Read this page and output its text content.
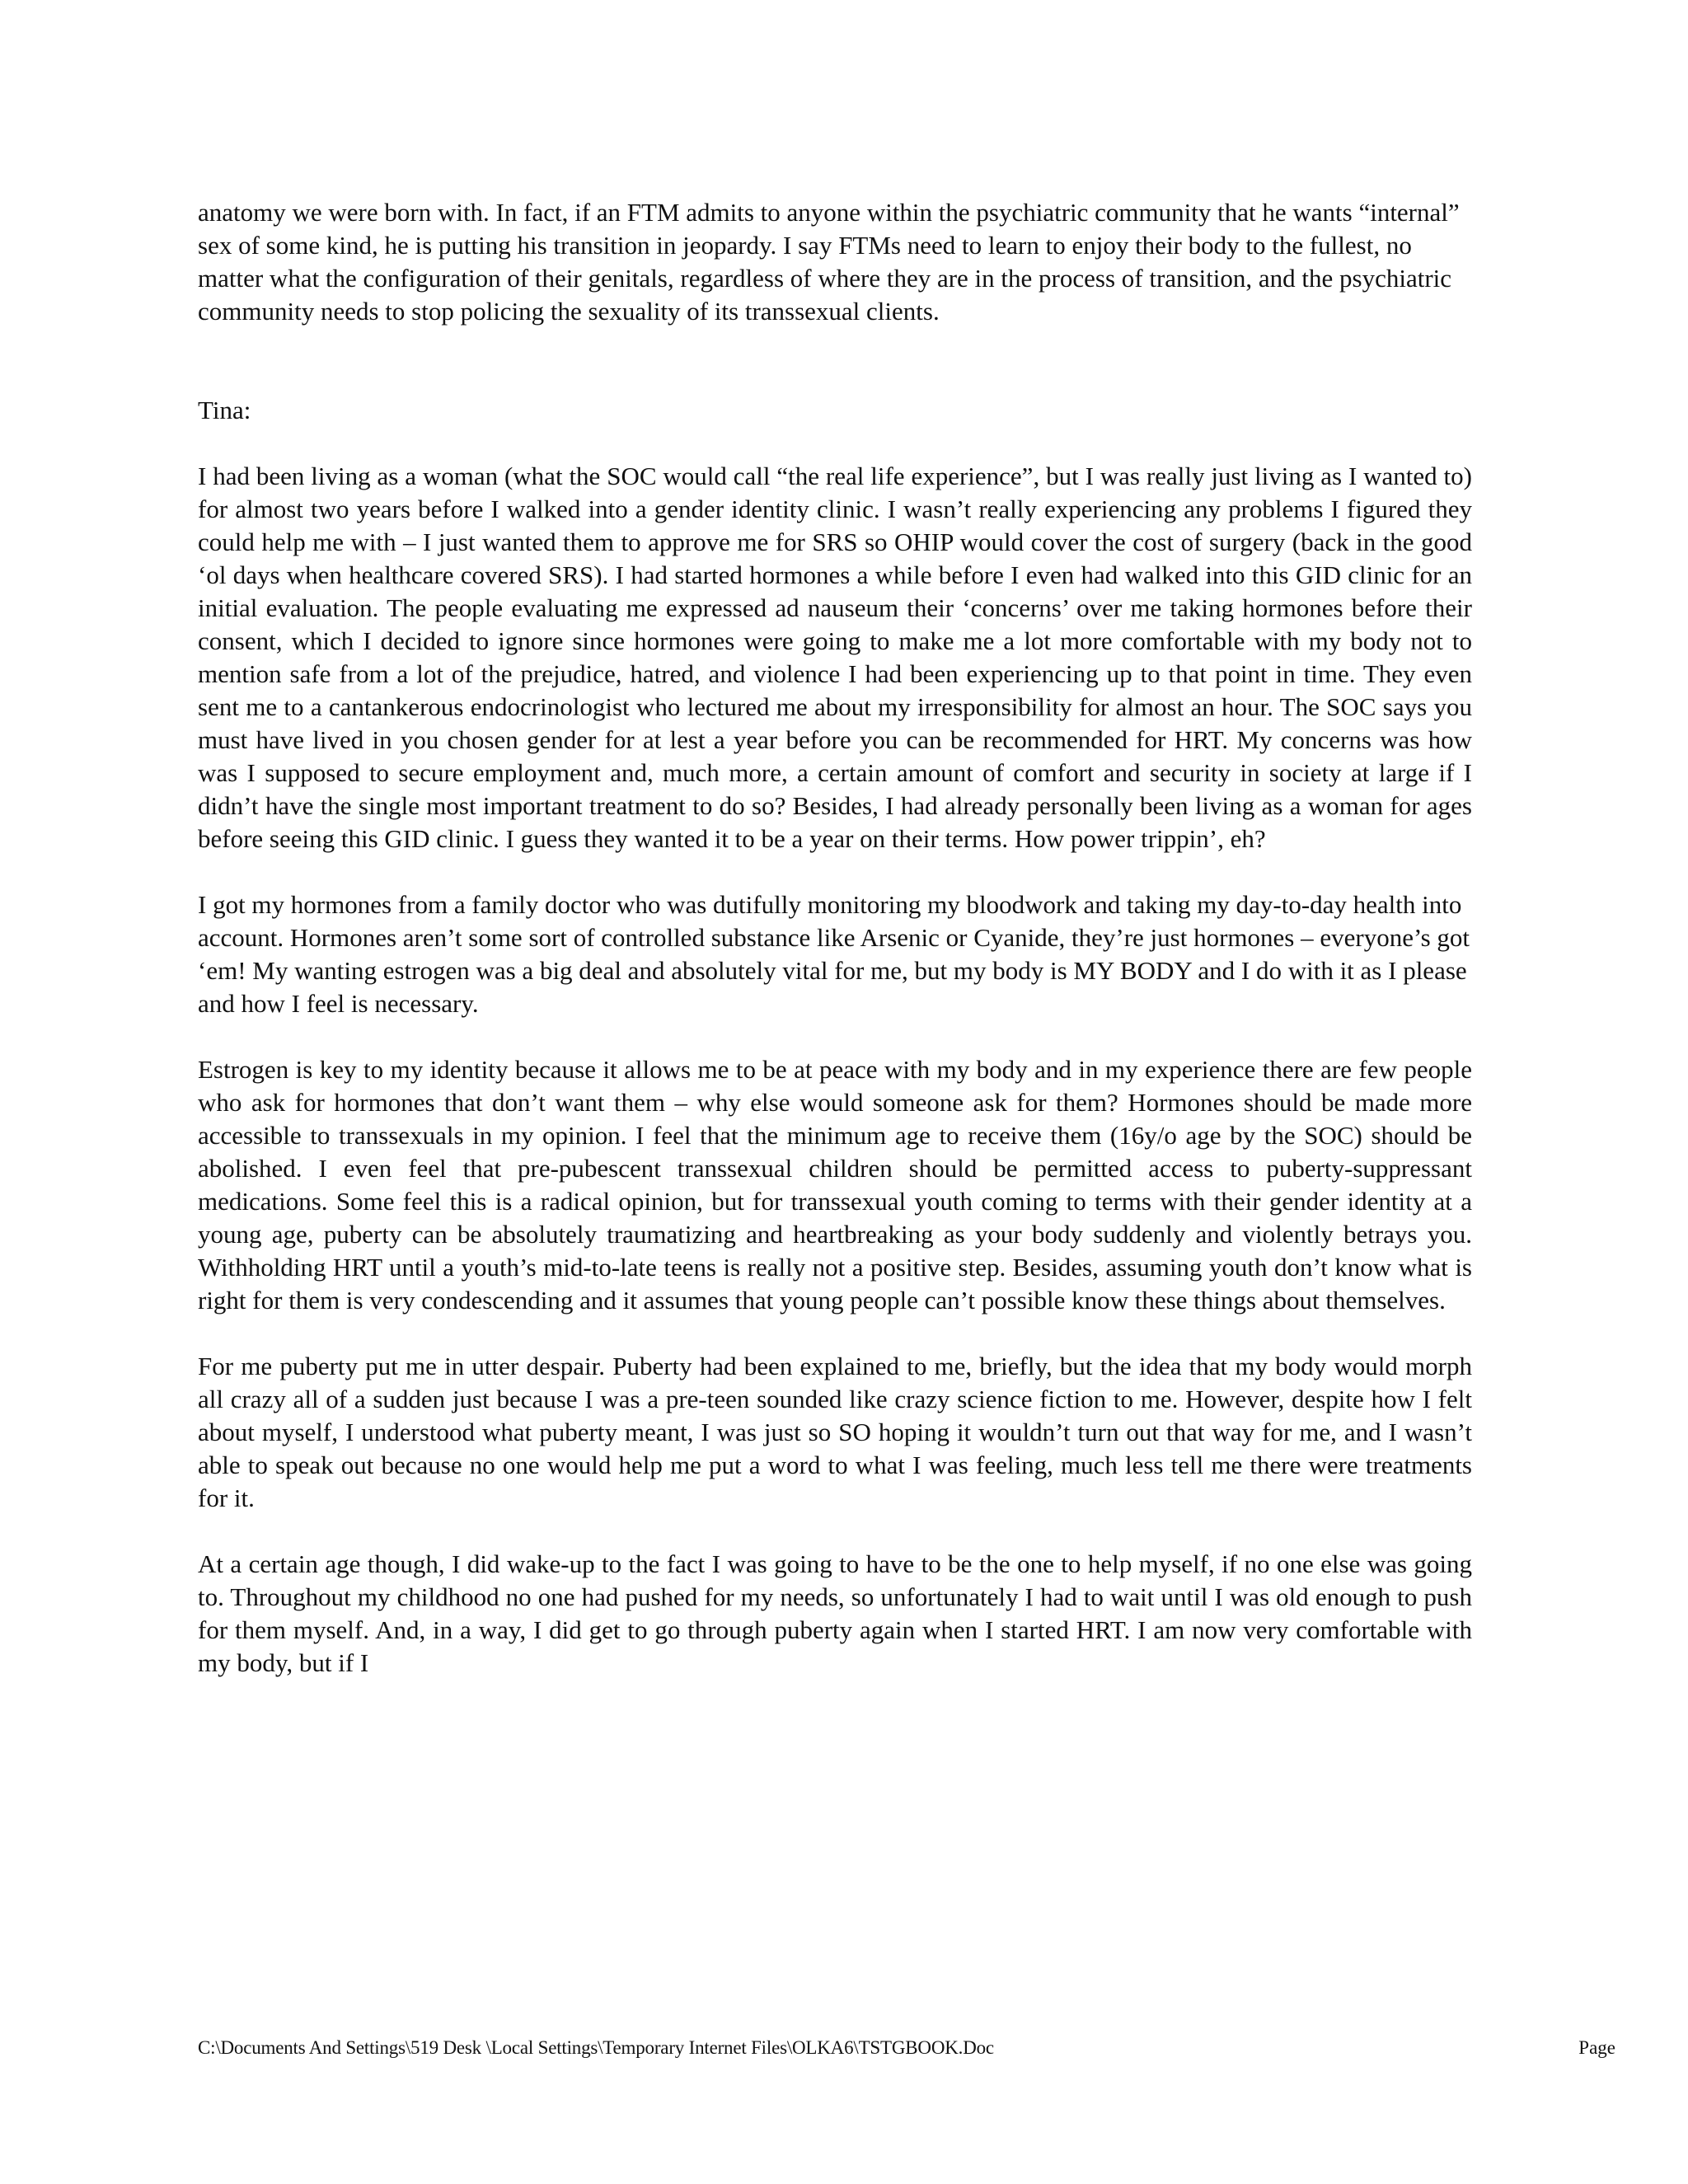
anatomy we were born with. In fact, if an FTM admits to anyone within the psychiatric community that he wants “internal” sex of some kind, he is putting his transition in jeopardy. I say FTMs need to learn to enjoy their body to the fullest, no matter what the configuration of their genitals, regardless of where they are in the process of transition, and the psychiatric community needs to stop policing the sexuality of its transsexual clients.

Tina:

I had been living as a woman (what the SOC would call “the real life experience”, but I was really just living as I wanted to) for almost two years before I walked into a gender identity clinic. I wasn’t really experiencing any problems I figured they could help me with – I just wanted them to approve me for SRS so OHIP would cover the cost of surgery (back in the good ‘ol days when healthcare covered SRS). I had started hormones a while before I even had walked into this GID clinic for an initial evaluation. The people evaluating me expressed ad nauseum their ‘concerns’ over me taking hormones before their consent, which I decided to ignore since hormones were going to make me a lot more comfortable with my body not to mention safe from a lot of the prejudice, hatred, and violence I had been experiencing up to that point in time. They even sent me to a cantankerous endocrinologist who lectured me about my irresponsibility for almost an hour. The SOC says you must have lived in you chosen gender for at lest a year before you can be recommended for HRT. My concerns was how was I supposed to secure employment and, much more, a certain amount of comfort and security in society at large if I didn’t have the single most important treatment to do so? Besides, I had already personally been living as a woman for ages before seeing this GID clinic. I guess they wanted it to be a year on their terms. How power trippin’, eh?

I got my hormones from a family doctor who was dutifully monitoring my bloodwork and taking my day-to-day health into account. Hormones aren’t some sort of controlled substance like Arsenic or Cyanide, they’re just hormones – everyone’s got ‘em! My wanting estrogen was a big deal and absolutely vital for me, but my body is MY BODY and I do with it as I please and how I feel is necessary.

Estrogen is key to my identity because it allows me to be at peace with my body and in my experience there are few people who ask for hormones that don’t want them – why else would someone ask for them? Hormones should be made more accessible to transsexuals in my opinion. I feel that the minimum age to receive them (16y/o age by the SOC) should be abolished. I even feel that pre-pubescent transsexual children should be permitted access to puberty-suppressant medications. Some feel this is a radical opinion, but for transsexual youth coming to terms with their gender identity at a young age, puberty can be absolutely traumatizing and heartbreaking as your body suddenly and violently betrays you. Withholding HRT until a youth’s mid-to-late teens is really not a positive step. Besides, assuming youth don’t know what is right for them is very condescending and it assumes that young people can’t possible know these things about themselves.

For me puberty put me in utter despair. Puberty had been explained to me, briefly, but the idea that my body would morph all crazy all of a sudden just because I was a pre-teen sounded like crazy science fiction to me. However, despite how I felt about myself, I understood what puberty meant, I was just so SO hoping it wouldn’t turn out that way for me, and I wasn’t able to speak out because no one would help me put a word to what I was feeling, much less tell me there were treatments for it.

At a certain age though, I did wake-up to the fact I was going to have to be the one to help myself, if no one else was going to. Throughout my childhood no one had pushed for my needs, so unfortunately I had to wait until I was old enough to push for them myself. And, in a way, I did get to go through puberty again when I started HRT. I am now very comfortable with my body, but if I

C:\Documents And Settings\519 Desk \Local Settings\Temporary Internet Files\OLKA6\TSTGBOOK.Doc	Page
